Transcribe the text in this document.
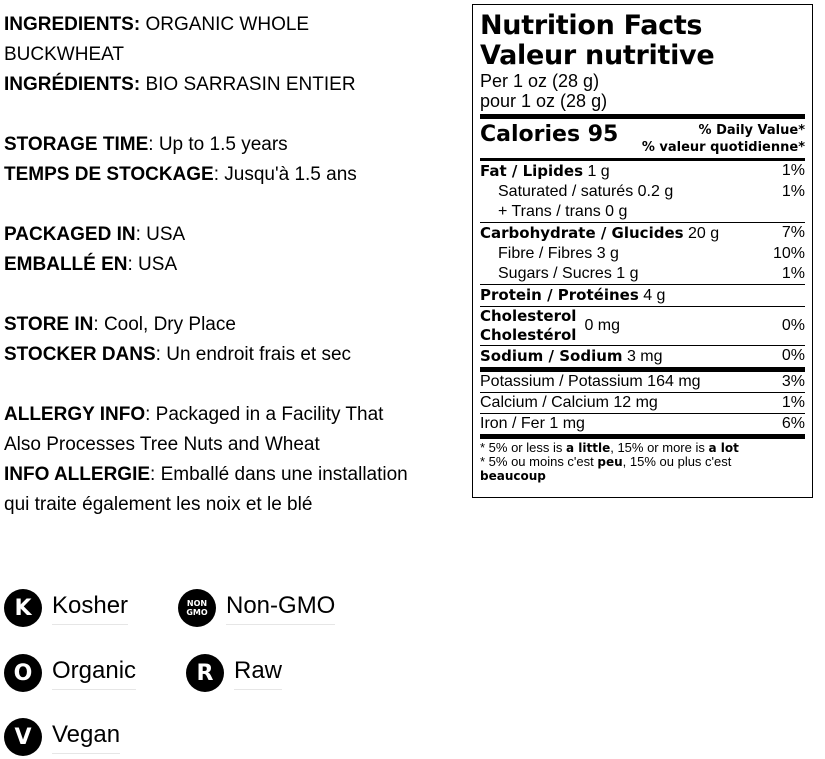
INGREDIENTS: ORGANIC WHOLE
BUCKWHEAT
INGRÉDIENTS: BIO SARRASIN ENTIER
STORAGE TIME: Up to 1.5 years
TEMPS DE STOCKAGE: Jusqu'à 1.5 ans
PACKAGED IN: USA
EMBALLÉ EN: USA
STORE IN: Cool, Dry Place
STOCKER DANS: Un endroit frais et sec
ALLERGY INFO: Packaged in a Facility That
Also Processes Tree Nuts and Wheat
INFO ALLERGIE: Emballé dans une installation
qui traite également les noix et le blé
K Kosher	NON
GMO Non-GMO
O Organic	R Raw
V Vegan
Nutrition Facts
Valeur nutritive
Per 1 oz (28 g)
pour 1 oz (28 g)
Calories 95	% Daily Value*
% valeur quotidienne*
Fat / Lipides 1 g	1%
Saturated / saturés 0.2 g	1%
+ Trans / trans 0 g
Carbohydrate / Glucides 20 g	7%
Fibre / Fibres 3 g	10%
Sugars / Sucres 1 g	1%
Protein / Protéines 4 g
Cholesterol
Cholestérol0 mg	0%
Sodium / Sodium 3 mg	0%
Potassium / Potassium 164 mg	3%
Calcium / Calcium 12 mg	1%
Iron / Fer 1 mg	6%
* 5% or less is a little, 15% or more is a lot
* 5% ou moins c'est peu, 15% ou plus c'est
beaucoup
